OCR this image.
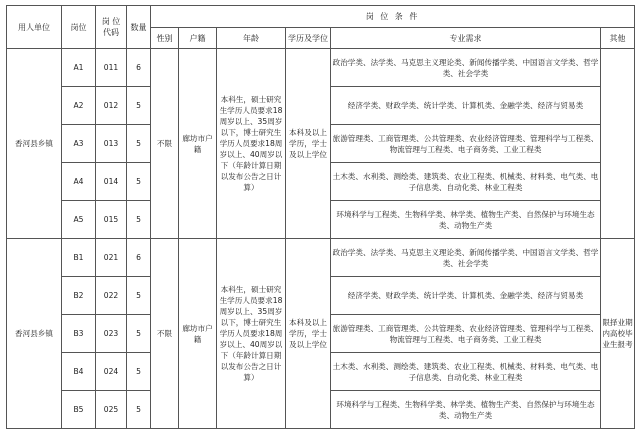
用人单位	岗位	岗 位
代码	数量	岗 位 条 件					
				性别	户籍	年龄	学历及学位	专业需求	其他
香河县乡镇	A1	011	6	不限	廊坊市户籍	本科生，硕士研究生学历人员要求18周岁以上、35周岁以下，博士研究生学历人员要求18周岁以上、40周岁以下（年龄计算日期以发布公告之日计算）	本科及以上学历，学士及以上学位	政治学类、法学类、马克思主义理论类、新闻传播学类、中国语言文学类、哲学类、社会学类	
	A2	012	5					经济学类、财政学类、统计学类、计算机类、金融学类、经济与贸易类	
	A3	013	5					旅游管理类、工商管理类、公共管理类、农业经济管理类、管理科学与工程类、物流管理与工程类、电子商务类、工业工程类	
	A4	014	5					土木类、水利类、测绘类、建筑类、农业工程类、机械类、材料类、电气类、电子信息类、自动化类、林业工程类	
	A5	015	5					环境科学与工程类、生物科学类、林学类、植物生产类、自然保护与环境生态类、动物生产类	
香河县乡镇	B1	021	6	不限	廊坊市户籍	本科生，硕士研究生学历人员要求18周岁以上、35周岁以下，博士研究生学历人员要求18周岁以上、40周岁以下（年龄计算日期以发布公告之日计算）	本科及以上学历，学士及以上学位	政治学类、法学类、马克思主义理论类、新闻传播学类、中国语言文学类、哲学类、社会学类	限择业期内高校毕业生报考
	B2	022	5					经济学类、财政学类、统计学类、计算机类、金融学类、经济与贸易类	
	B3	023	5					旅游管理类、工商管理类、公共管理类、农业经济管理类、管理科学与工程类、物流管理与工程类、电子商务类、工业工程类	
	B4	024	5					土木类、水利类、测绘类、建筑类、农业工程类、机械类、材料类、电气类、电子信息类、自动化类、林业工程类	
	B5	025	5					环境科学与工程类、生物科学类、林学类、植物生产类、自然保护与环境生态类、动物生产类	
